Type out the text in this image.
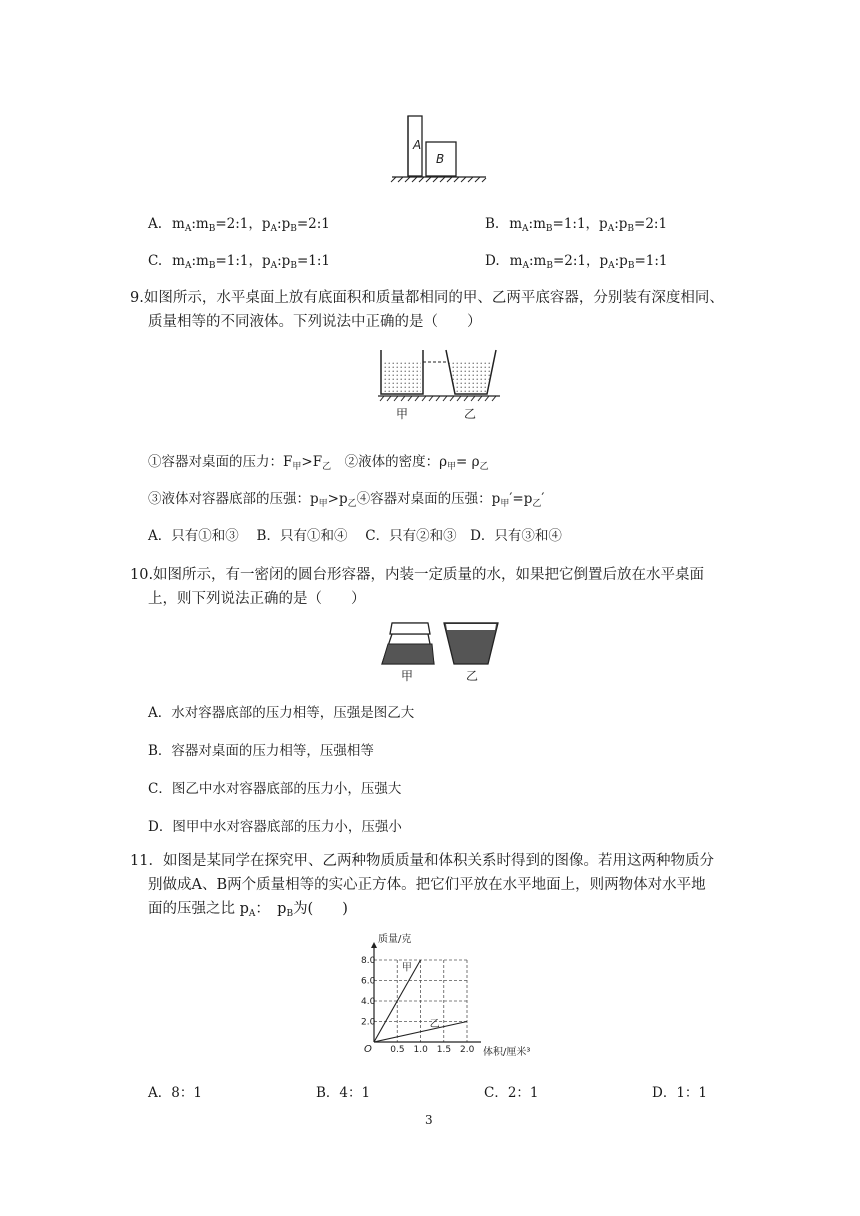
A
B
A. $m_A:m_B=2:1$，$p_A:p_B=2:1$	B. $m_A:m_B=1:1$，$p_A:p_B=2:1$
C. $m_A:m_B=1:1$，$p_A:p_B=1:1$	D. $m_A:m_B=2:1$，$p_A:p_B=1:1$
9.如图所示，水平桌面上放有底面积和质量都相同的甲、乙两平底容器，分别装有深度相同、
质量相等的不同液体。下列说法中正确的是（　　）
甲	乙
①容器对桌面的压力：$F_甲>F_乙$　②液体的密度：$\rho_甲= \rho_乙$
③液体对容器底部的压强：$p_甲>p_乙④$容器对桌面的压强：$p_甲'=p_乙'$
A．只有①和③　 B．只有①和④　 C．只有②和③　D．只有③和④
10.如图所示，有一密闭的圆台形容器，内装一定质量的水，如果把它倒置后放在水平桌面
上，则下列说法正确的是（　　）
甲	乙
A．水对容器底部的压力相等，压强是图乙大
B．容器对桌面的压力相等，压强相等
C．图乙中水对容器底部的压力小，压强大
D．图甲中水对容器底部的压力小，压强小
11．如图是某同学在探究甲、乙两种物质质量和体积关系时得到的图像。若用这两种物质分
别做成A、B两个质量相等的实心正方体。把它们平放在水平地面上，则两物体对水平地
面的压强之比 $p_A$：　$p_B$为(　　)
质量/克
体积/厘米³
O 0.5 1.0 1.5 2.0
2.0
4.0
6.0
8.0
甲
乙
A．8：1	B．4：1	C．2：1	D．1：1
3
